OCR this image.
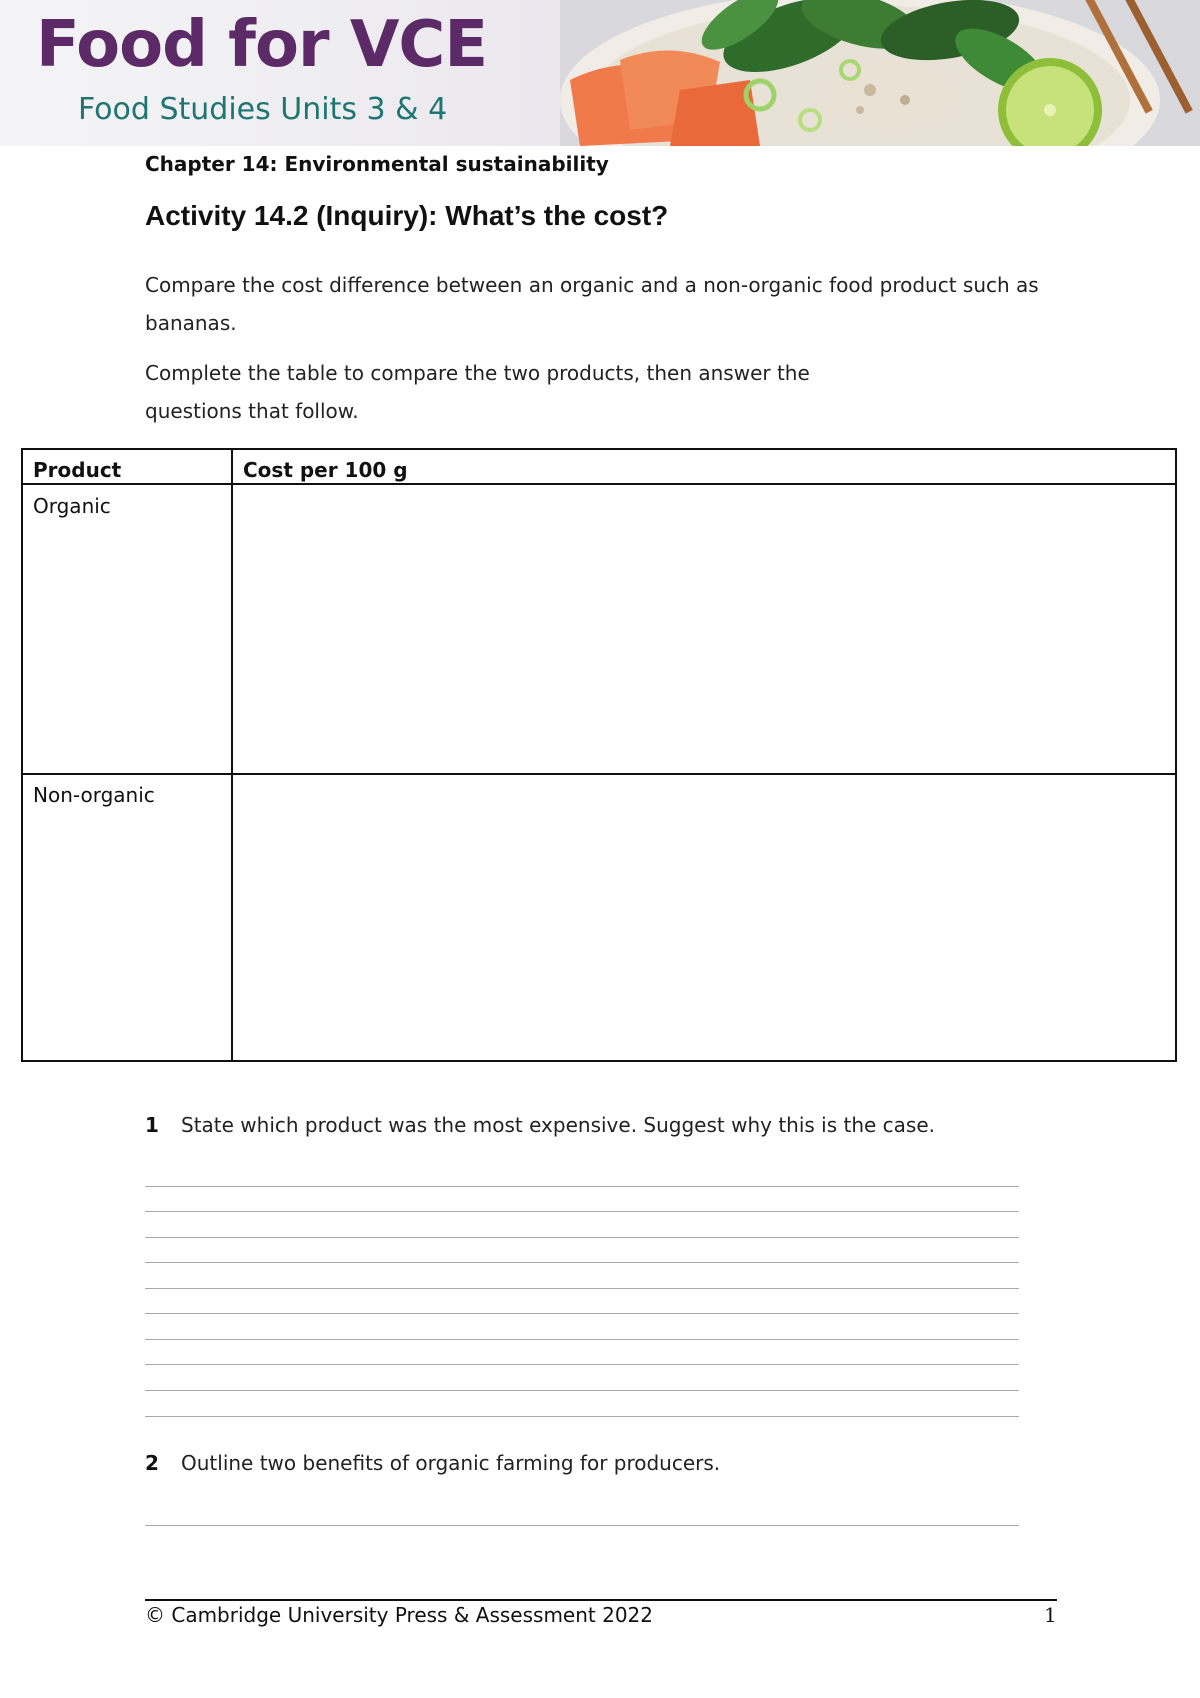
Food for VCE
Food Studies Units 3 & 4
Chapter 14: Environmental sustainability
Activity 14.2 (Inquiry): What’s the cost?
Compare the cost difference between an organic and a non-organic food product such as bananas.
Complete the table to compare the two products, then answer the questions that follow.
Product	Cost per 100 g
Organic
Non-organic
1 State which product was the most expensive. Suggest why this is the case.
2 Outline two benefits of organic farming for producers.
© Cambridge University Press & Assessment 2022	1
